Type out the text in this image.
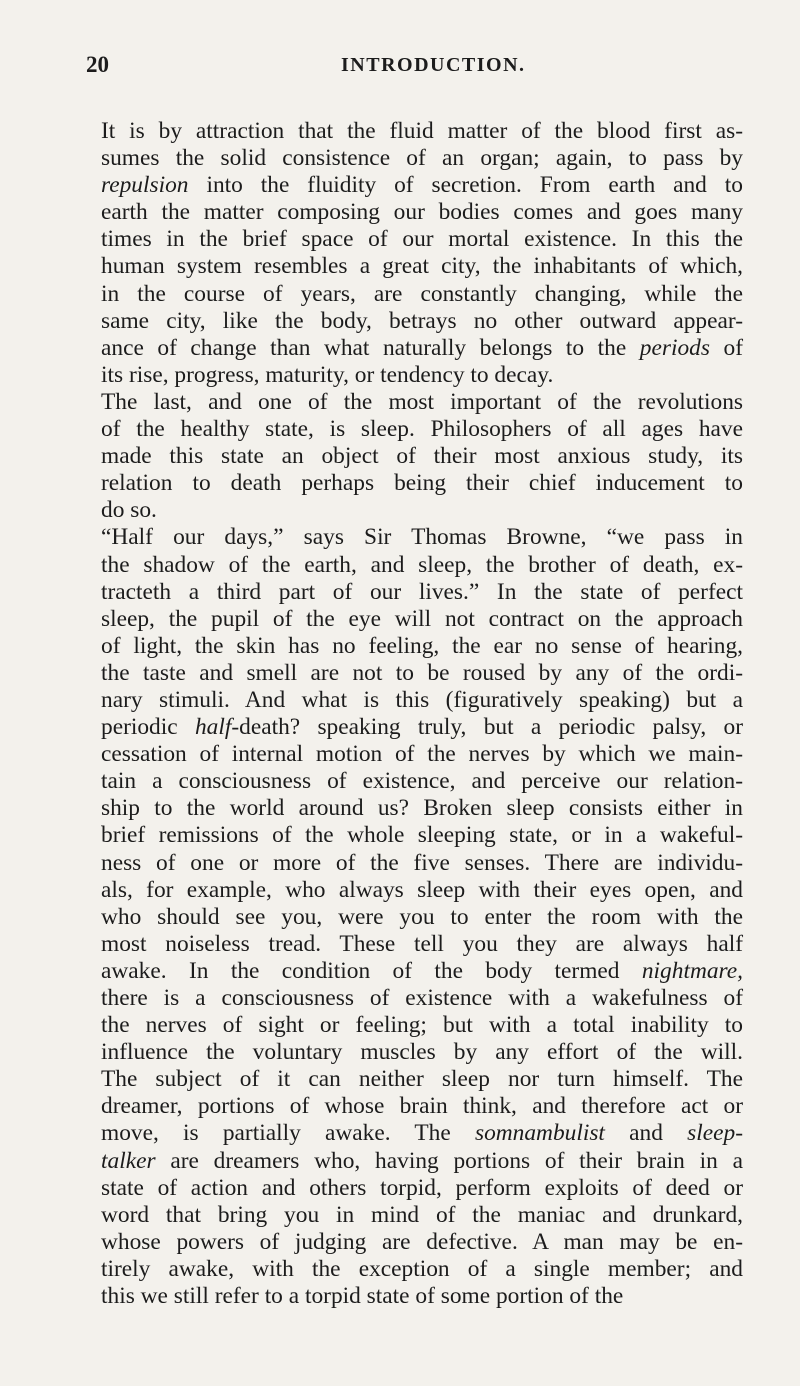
20	INTRODUCTION.

It is by attraction that the fluid matter of the blood first as-
sumes the solid consistence of an organ; again, to pass by
repulsion into the fluidity of secretion. From earth and to
earth the matter composing our bodies comes and goes many
times in the brief space of our mortal existence. In this the
human system resembles a great city, the inhabitants of which,
in the course of years, are constantly changing, while the
same city, like the body, betrays no other outward appear-
ance of change than what naturally belongs to the periods of
its rise, progress, maturity, or tendency to decay.

The last, and one of the most important of the revolutions
of the healthy state, is sleep. Philosophers of all ages have
made this state an object of their most anxious study, its
relation to death perhaps being their chief inducement to
do so.

“Half our days,” says Sir Thomas Browne, “we pass in
the shadow of the earth, and sleep, the brother of death, ex-
tracteth a third part of our lives.” In the state of perfect
sleep, the pupil of the eye will not contract on the approach
of light, the skin has no feeling, the ear no sense of hearing,
the taste and smell are not to be roused by any of the ordi-
nary stimuli. And what is this (figuratively speaking) but a
periodic half-death? speaking truly, but a periodic palsy, or
cessation of internal motion of the nerves by which we main-
tain a consciousness of existence, and perceive our relation-
ship to the world around us? Broken sleep consists either in
brief remissions of the whole sleeping state, or in a wakeful-
ness of one or more of the five senses. There are individu-
als, for example, who always sleep with their eyes open, and
who should see you, were you to enter the room with the
most noiseless tread. These tell you they are always half
awake. In the condition of the body termed nightmare,
there is a consciousness of existence with a wakefulness of
the nerves of sight or feeling; but with a total inability to
influence the voluntary muscles by any effort of the will.
The subject of it can neither sleep nor turn himself. The
dreamer, portions of whose brain think, and therefore act or
move, is partially awake. The somnambulist and sleep-
talker are dreamers who, having portions of their brain in a
state of action and others torpid, perform exploits of deed or
word that bring you in mind of the maniac and drunkard,
whose powers of judging are defective. A man may be en-
tirely awake, with the exception of a single member; and
this we still refer to a torpid state of some portion of the
